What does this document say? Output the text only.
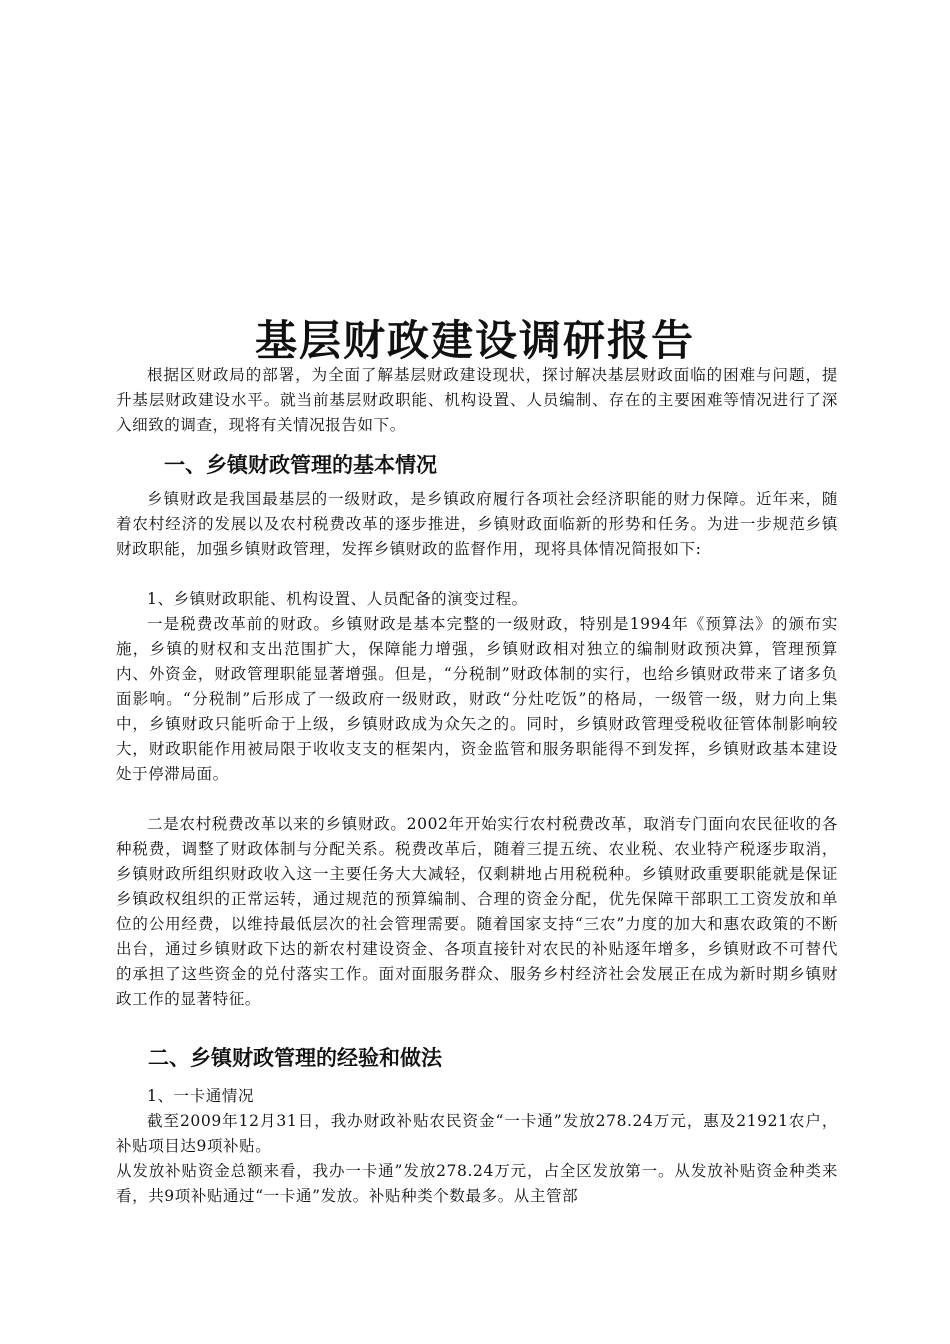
基层财政建设调研报告

根据区财政局的部署，为全面了解基层财政建设现状，探讨解决基层财政面临的困难与问题，提升基层财政建设水平。就当前基层财政职能、机构设置、人员编制、存在的主要困难等情况进行了深入细致的调查，现将有关情况报告如下。

一、乡镇财政管理的基本情况

乡镇财政是我国最基层的一级财政，是乡镇政府履行各项社会经济职能的财力保障。近年来，随着农村经济的发展以及农村税费改革的逐步推进，乡镇财政面临新的形势和任务。为进一步规范乡镇财政职能，加强乡镇财政管理，发挥乡镇财政的监督作用，现将具体情况简报如下:

1、乡镇财政职能、机构设置、人员配备的演变过程。

一是税费改革前的财政。乡镇财政是基本完整的一级财政，特别是1994年《预算法》的颁布实施，乡镇的财权和支出范围扩大，保障能力增强，乡镇财政相对独立的编制财政预决算，管理预算内、外资金，财政管理职能显著增强。但是，“分税制”财政体制的实行，也给乡镇财政带来了诸多负面影响。“分税制”后形成了一级政府一级财政，财政“分灶吃饭”的格局，一级管一级，财力向上集中，乡镇财政只能听命于上级，乡镇财政成为众矢之的。同时，乡镇财政管理受税收征管体制影响较大，财政职能作用被局限于收收支支的框架内，资金监管和服务职能得不到发挥，乡镇财政基本建设处于停滞局面。

二是农村税费改革以来的乡镇财政。2002年开始实行农村税费改革，取消专门面向农民征收的各种税费，调整了财政体制与分配关系。税费改革后，随着三提五统、农业税、农业特产税逐步取消，乡镇财政所组织财政收入这一主要任务大大减轻，仅剩耕地占用税税种。乡镇财政重要职能就是保证乡镇政权组织的正常运转，通过规范的预算编制、合理的资金分配，优先保障干部职工工资发放和单位的公用经费，以维持最低层次的社会管理需要。随着国家支持“三农”力度的加大和惠农政策的不断出台，通过乡镇财政下达的新农村建设资金、各项直接针对农民的补贴逐年增多，乡镇财政不可替代的承担了这些资金的兑付落实工作。面对面服务群众、服务乡村经济社会发展正在成为新时期乡镇财政工作的显著特征。

二、乡镇财政管理的经验和做法

1、一卡通情况

截至2009年12月31日，我办财政补贴农民资金“一卡通”发放278.24万元，惠及21921农户，补贴项目达9项补贴。

从发放补贴资金总额来看，我办一卡通”发放278.24万元，占全区发放第一。从发放补贴资金种类来看，共9项补贴通过“一卡通”发放。补贴种类个数最多。从主管部
